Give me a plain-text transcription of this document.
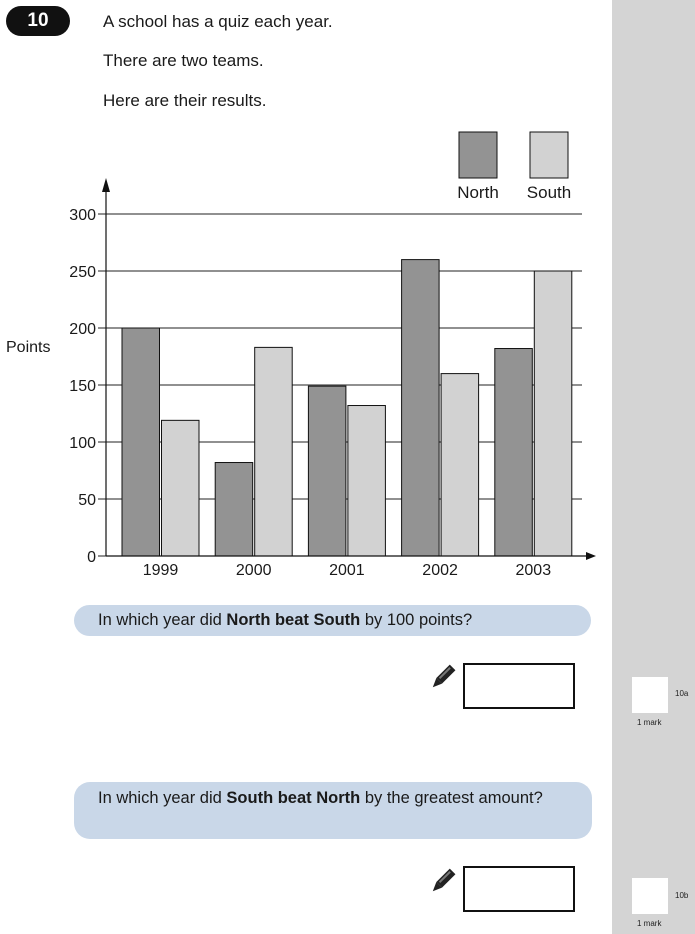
10	A school has a quiz each year.
There are two teams.
Here are their results.
Points
0
50
100
150
200
250
300
1999	2000	2001	2002	2003
North South
In which year did North beat South by 100 points?
In which year did South beat North by the greatest amount?
10a
1 mark
10b
1 mark
